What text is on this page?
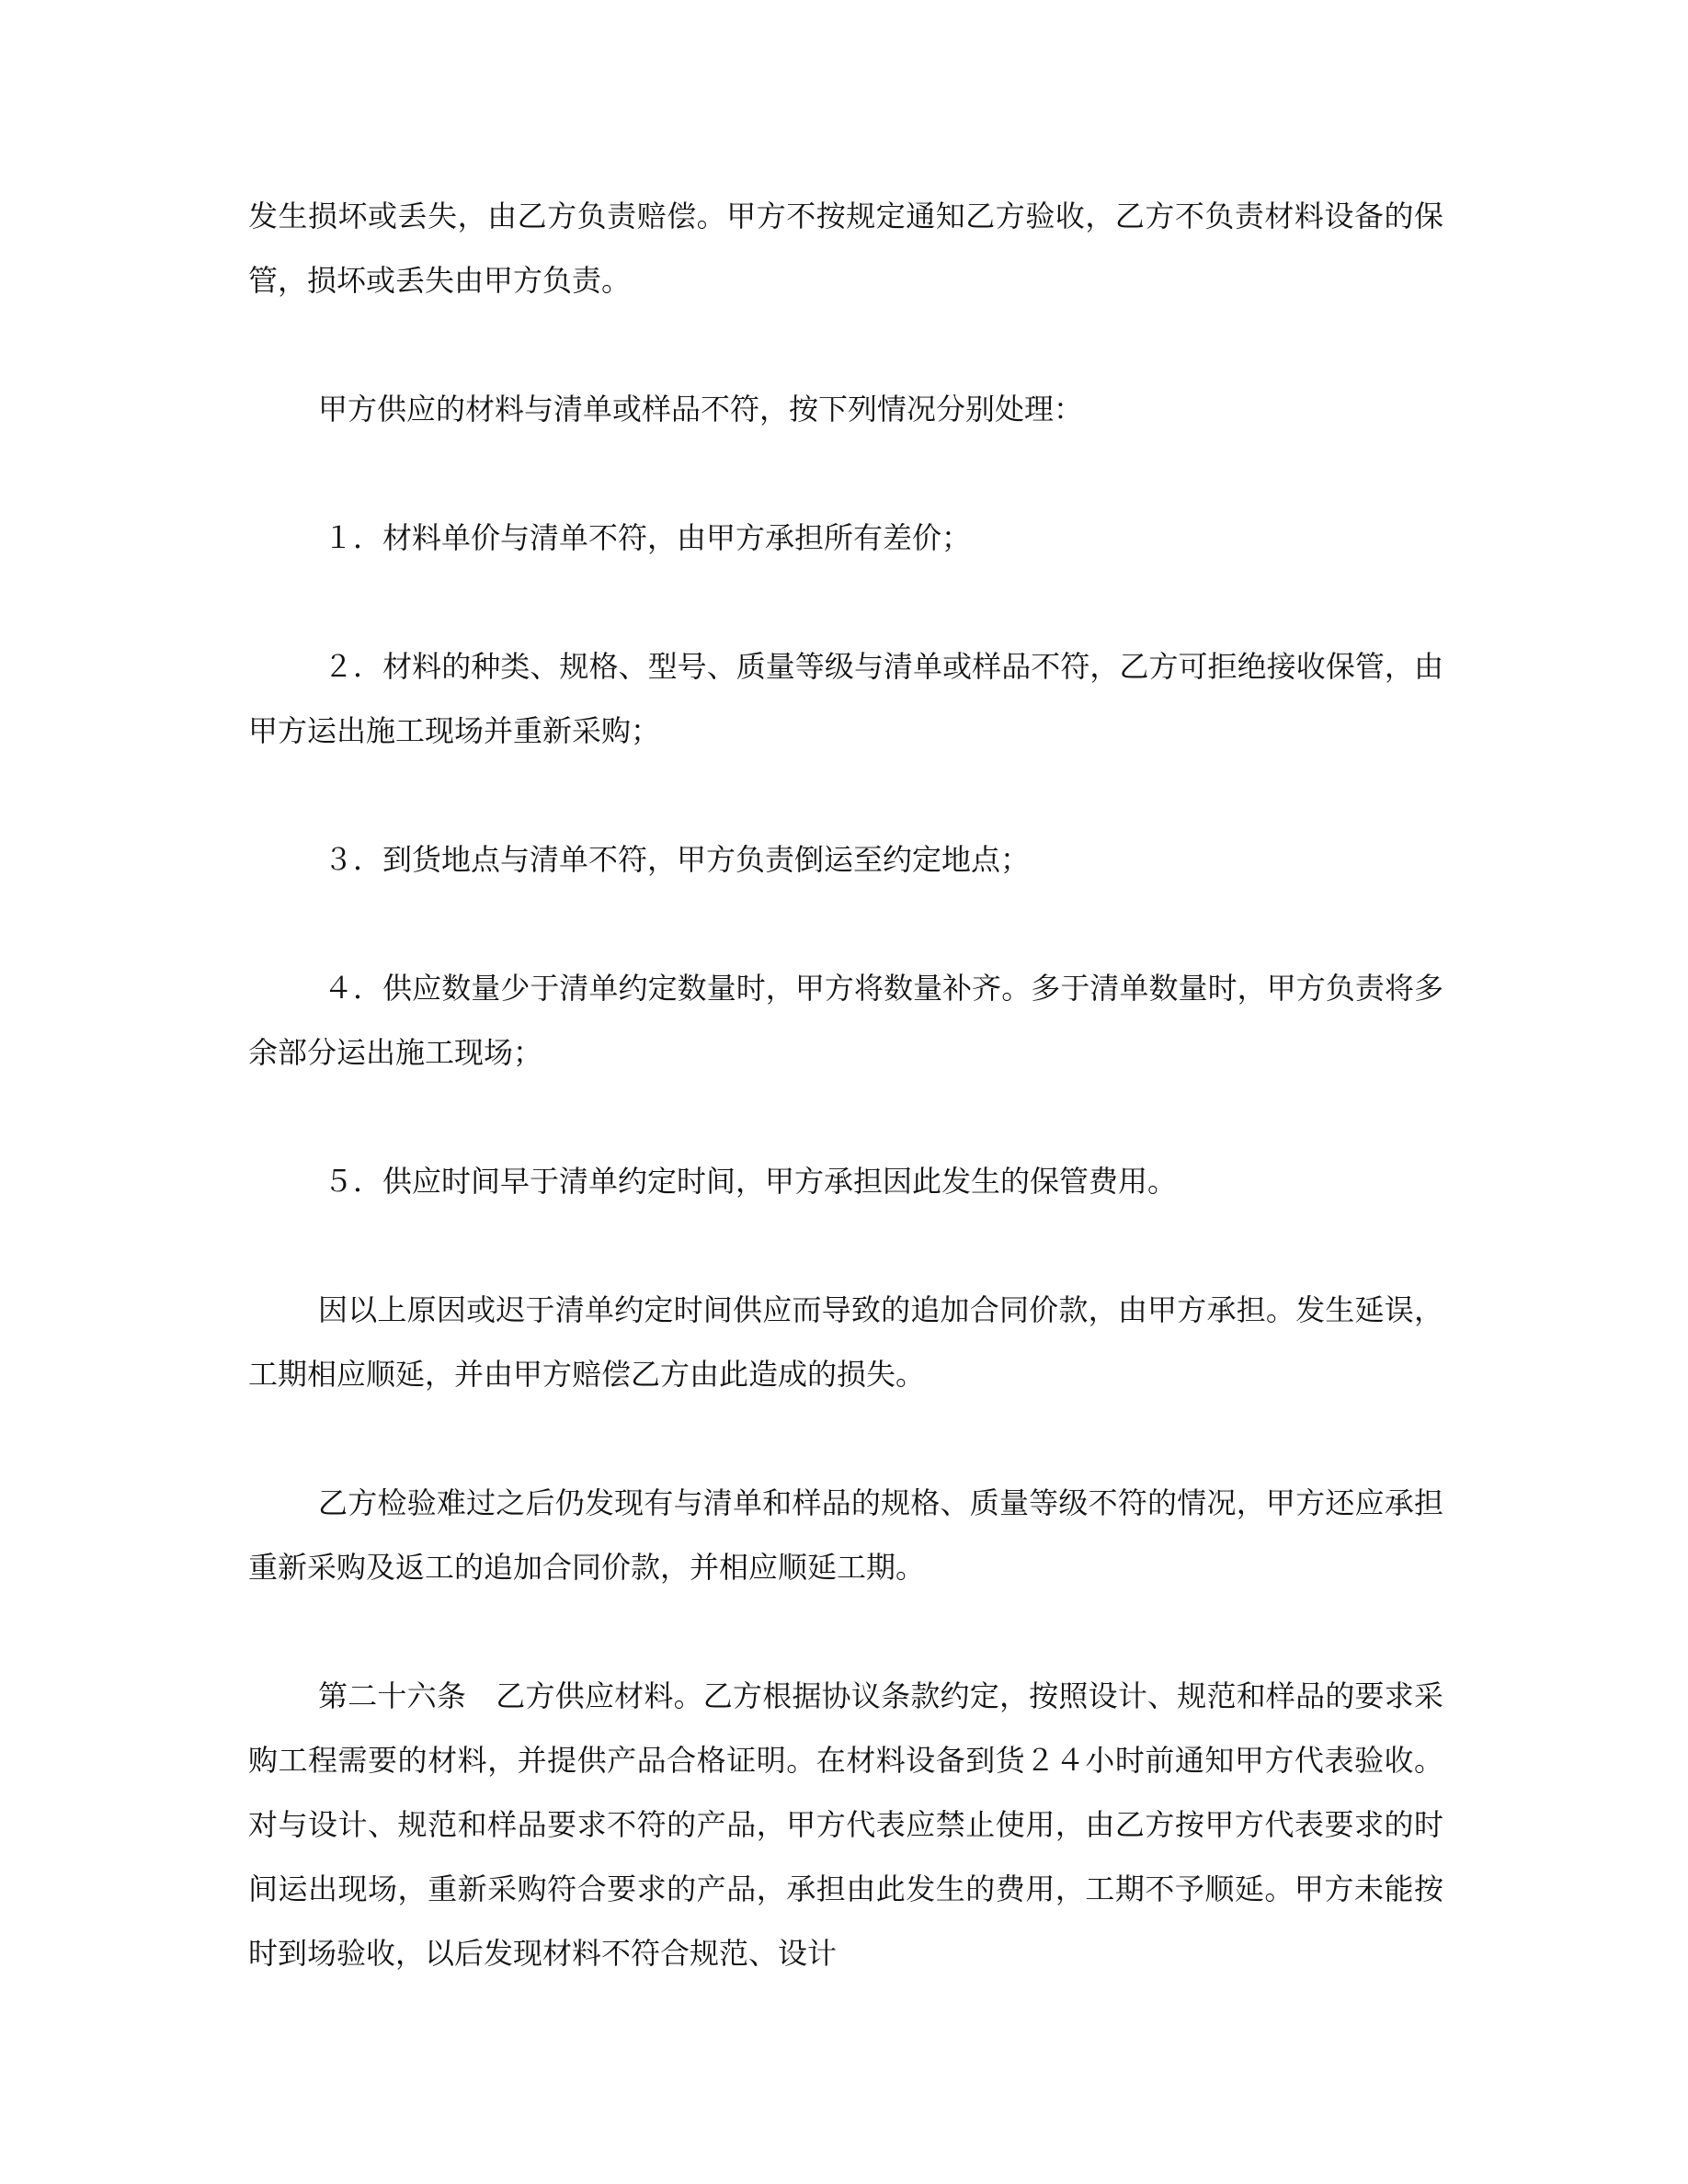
发生损坏或丢失，由乙方负责赔偿。甲方不按规定通知乙方验收，乙方不负责材料设备的保管，损坏或丢失由甲方负责。

甲方供应的材料与清单或样品不符，按下列情况分别处理：

１．材料单价与清单不符，由甲方承担所有差价；

２．材料的种类、规格、型号、质量等级与清单或样品不符，乙方可拒绝接收保管，由甲方运出施工现场并重新采购；

３．到货地点与清单不符，甲方负责倒运至约定地点；

４．供应数量少于清单约定数量时，甲方将数量补齐。多于清单数量时，甲方负责将多余部分运出施工现场；

５．供应时间早于清单约定时间，甲方承担因此发生的保管费用。

因以上原因或迟于清单约定时间供应而导致的追加合同价款，由甲方承担。发生延误，工期相应顺延，并由甲方赔偿乙方由此造成的损失。

乙方检验难过之后仍发现有与清单和样品的规格、质量等级不符的情况，甲方还应承担重新采购及返工的追加合同价款，并相应顺延工期。

第二十六条　乙方供应材料。乙方根据协议条款约定，按照设计、规范和样品的要求采购工程需要的材料，并提供产品合格证明。在材料设备到货２４小时前通知甲方代表验收。对与设计、规范和样品要求不符的产品，甲方代表应禁止使用，由乙方按甲方代表要求的时间运出现场，重新采购符合要求的产品，承担由此发生的费用，工期不予顺延。甲方未能按时到场验收，以后发现材料不符合规范、设计
